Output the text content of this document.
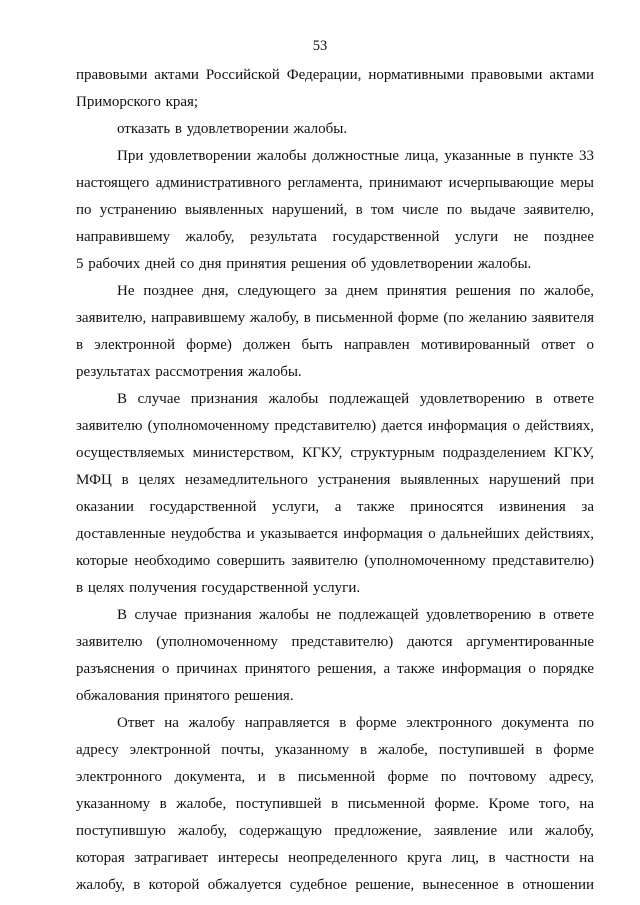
53
правовыми актами Российской Федерации, нормативными правовыми актами
Приморского края;
отказать в удовлетворении жалобы.
При удовлетворении жалобы должностные лица, указанные в пункте 33
настоящего административного регламента, принимают исчерпывающие меры
по устранению выявленных нарушений, в том числе по выдаче заявителю,
направившему жалобу, результата государственной услуги не позднее
5 рабочих дней со дня принятия решения об удовлетворении жалобы.
Не позднее дня, следующего за днем принятия решения по жалобе,
заявителю, направившему жалобу, в письменной форме (по желанию заявителя
в электронной форме) должен быть направлен мотивированный ответ о
результатах рассмотрения жалобы.
В случае признания жалобы подлежащей удовлетворению в ответе
заявителю (уполномоченному представителю) дается информация о действиях,
осуществляемых министерством, КГКУ, структурным подразделением КГКУ,
МФЦ в целях незамедлительного устранения выявленных нарушений при
оказании государственной услуги, а также приносятся извинения за
доставленные неудобства и указывается информация о дальнейших действиях,
которые необходимо совершить заявителю (уполномоченному представителю)
в целях получения государственной услуги.
В случае признания жалобы не подлежащей удовлетворению в ответе
заявителю (уполномоченному представителю) даются аргументированные
разъяснения о причинах принятого решения, а также информация о порядке
обжалования принятого решения.
Ответ на жалобу направляется в форме электронного документа по
адресу электронной почты, указанному в жалобе, поступившей в форме
электронного документа, и в письменной форме по почтовому адресу,
указанному в жалобе, поступившей в письменной форме. Кроме того, на
поступившую жалобу, содержащую предложение, заявление или жалобу,
которая затрагивает интересы неопределенного круга лиц, в частности на
жалобу, в которой обжалуется судебное решение, вынесенное в отношении
